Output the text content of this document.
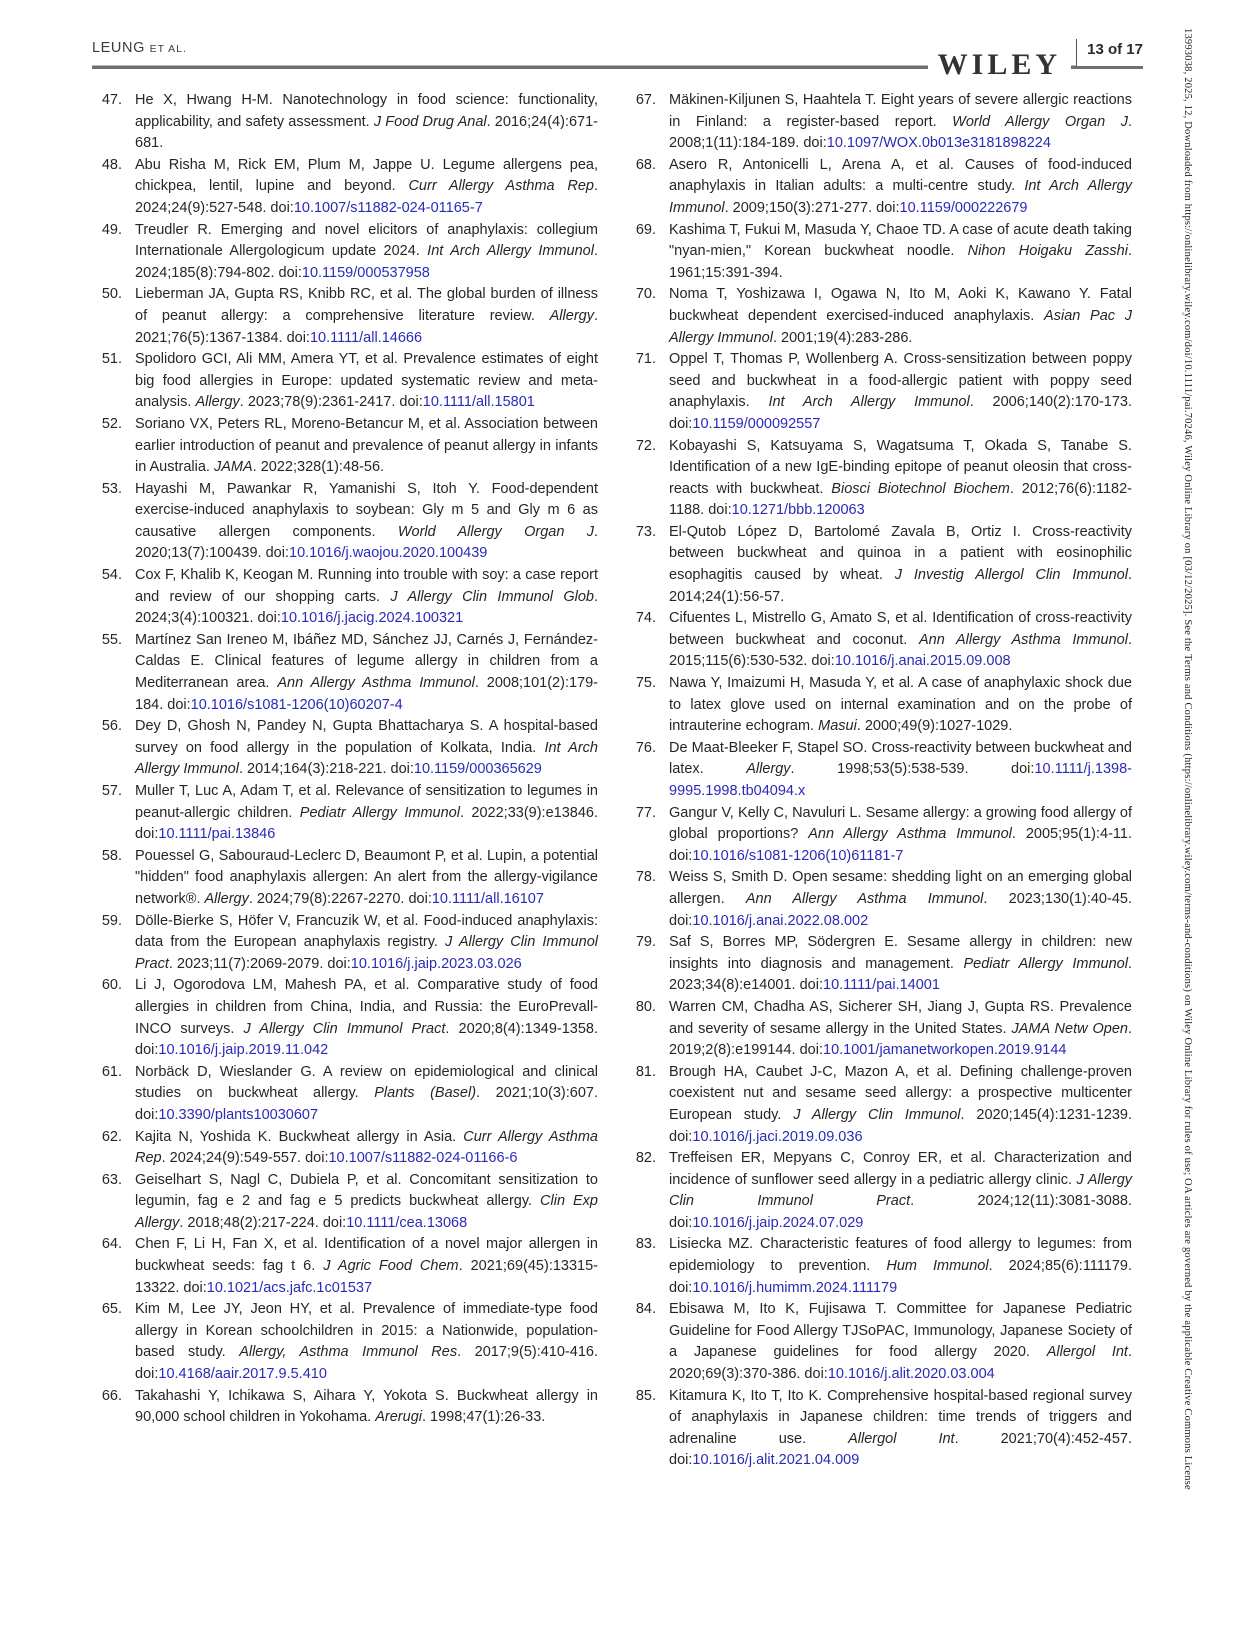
LEUNG ET AL.	WILEY	13 of 17
47. He X, Hwang H-M. Nanotechnology in food science: functionality, applicability, and safety assessment. J Food Drug Anal. 2016;24(4):671-681.

48. Abu Risha M, Rick EM, Plum M, Jappe U. Legume allergens pea, chickpea, lentil, lupine and beyond. Curr Allergy Asthma Rep. 2024;24(9):527-548. doi:10.1007/s11882-024-01165-7

49. Treudler R. Emerging and novel elicitors of anaphylaxis: collegium Internationale Allergologicum update 2024. Int Arch Allergy Immunol. 2024;185(8):794-802. doi:10.1159/000537958

50. Lieberman JA, Gupta RS, Knibb RC, et al. The global burden of illness of peanut allergy: a comprehensive literature review. Allergy. 2021;76(5):1367-1384. doi:10.1111/all.14666

51. Spolidoro GCI, Ali MM, Amera YT, et al. Prevalence estimates of eight big food allergies in Europe: updated systematic review and meta-analysis. Allergy. 2023;78(9):2361-2417. doi:10.1111/all.15801

52. Soriano VX, Peters RL, Moreno-Betancur M, et al. Association between earlier introduction of peanut and prevalence of peanut allergy in infants in Australia. JAMA. 2022;328(1):48-56.

53. Hayashi M, Pawankar R, Yamanishi S, Itoh Y. Food-dependent exercise-induced anaphylaxis to soybean: Gly m 5 and Gly m 6 as causative allergen components. World Allergy Organ J. 2020;13(7):100439. doi:10.1016/j.waojou.2020.100439

54. Cox F, Khalib K, Keogan M. Running into trouble with soy: a case report and review of our shopping carts. J Allergy Clin Immunol Glob. 2024;3(4):100321. doi:10.1016/j.jacig.2024.100321

55. Martínez San Ireneo M, Ibáñez MD, Sánchez JJ, Carnés J, Fernández-Caldas E. Clinical features of legume allergy in children from a Mediterranean area. Ann Allergy Asthma Immunol. 2008;101(2):179-184. doi:10.1016/s1081-1206(10)60207-4

56. Dey D, Ghosh N, Pandey N, Gupta Bhattacharya S. A hospital-based survey on food allergy in the population of Kolkata, India. Int Arch Allergy Immunol. 2014;164(3):218-221. doi:10.1159/000365629

57. Muller T, Luc A, Adam T, et al. Relevance of sensitization to legumes in peanut-allergic children. Pediatr Allergy Immunol. 2022;33(9):e13846. doi:10.1111/pai.13846

58. Pouessel G, Sabouraud-Leclerc D, Beaumont P, et al. Lupin, a potential "hidden" food anaphylaxis allergen: An alert from the allergy-vigilance network®. Allergy. 2024;79(8):2267-2270. doi:10.1111/all.16107

59. Dölle-Bierke S, Höfer V, Francuzik W, et al. Food-induced anaphylaxis: data from the European anaphylaxis registry. J Allergy Clin Immunol Pract. 2023;11(7):2069-2079. doi:10.1016/j.jaip.2023.03.026

60. Li J, Ogorodova LM, Mahesh PA, et al. Comparative study of food allergies in children from China, India, and Russia: the EuroPrevall-INCO surveys. J Allergy Clin Immunol Pract. 2020;8(4):1349-1358. doi:10.1016/j.jaip.2019.11.042

61. Norbäck D, Wieslander G. A review on epidemiological and clinical studies on buckwheat allergy. Plants (Basel). 2021;10(3):607. doi:10.3390/plants10030607

62. Kajita N, Yoshida K. Buckwheat allergy in Asia. Curr Allergy Asthma Rep. 2024;24(9):549-557. doi:10.1007/s11882-024-01166-6

63. Geiselhart S, Nagl C, Dubiela P, et al. Concomitant sensitization to legumin, fag e 2 and fag e 5 predicts buckwheat allergy. Clin Exp Allergy. 2018;48(2):217-224. doi:10.1111/cea.13068

64. Chen F, Li H, Fan X, et al. Identification of a novel major allergen in buckwheat seeds: fag t 6. J Agric Food Chem. 2021;69(45):13315-13322. doi:10.1021/acs.jafc.1c01537

65. Kim M, Lee JY, Jeon HY, et al. Prevalence of immediate-type food allergy in Korean schoolchildren in 2015: a Nationwide, population-based study. Allergy, Asthma Immunol Res. 2017;9(5):410-416. doi:10.4168/aair.2017.9.5.410

66. Takahashi Y, Ichikawa S, Aihara Y, Yokota S. Buckwheat allergy in 90,000 school children in Yokohama. Arerugi. 1998;47(1):26-33.

67. Mäkinen-Kiljunen S, Haahtela T. Eight years of severe allergic reactions in Finland: a register-based report. World Allergy Organ J. 2008;1(11):184-189. doi:10.1097/WOX.0b013e3181898224

68. Asero R, Antonicelli L, Arena A, et al. Causes of food-induced anaphylaxis in Italian adults: a multi-centre study. Int Arch Allergy Immunol. 2009;150(3):271-277. doi:10.1159/000222679

69. Kashima T, Fukui M, Masuda Y, Chaoe TD. A case of acute death taking "nyan-mien," Korean buckwheat noodle. Nihon Hoigaku Zasshi. 1961;15:391-394.

70. Noma T, Yoshizawa I, Ogawa N, Ito M, Aoki K, Kawano Y. Fatal buckwheat dependent exercised-induced anaphylaxis. Asian Pac J Allergy Immunol. 2001;19(4):283-286.

71. Oppel T, Thomas P, Wollenberg A. Cross-sensitization between poppy seed and buckwheat in a food-allergic patient with poppy seed anaphylaxis. Int Arch Allergy Immunol. 2006;140(2):170-173. doi:10.1159/000092557

72. Kobayashi S, Katsuyama S, Wagatsuma T, Okada S, Tanabe S. Identification of a new IgE-binding epitope of peanut oleosin that cross-reacts with buckwheat. Biosci Biotechnol Biochem. 2012;76(6):1182-1188. doi:10.1271/bbb.120063

73. El-Qutob López D, Bartolomé Zavala B, Ortiz I. Cross-reactivity between buckwheat and quinoa in a patient with eosinophilic esophagitis caused by wheat. J Investig Allergol Clin Immunol. 2014;24(1):56-57.

74. Cifuentes L, Mistrello G, Amato S, et al. Identification of cross-reactivity between buckwheat and coconut. Ann Allergy Asthma Immunol. 2015;115(6):530-532. doi:10.1016/j.anai.2015.09.008

75. Nawa Y, Imaizumi H, Masuda Y, et al. A case of anaphylaxic shock due to latex glove used on internal examination and on the probe of intrauterine echogram. Masui. 2000;49(9):1027-1029.

76. De Maat-Bleeker F, Stapel SO. Cross-reactivity between buckwheat and latex. Allergy. 1998;53(5):538-539. doi:10.1111/j.1398-9995.1998.tb04094.x

77. Gangur V, Kelly C, Navuluri L. Sesame allergy: a growing food allergy of global proportions? Ann Allergy Asthma Immunol. 2005;95(1):4-11. doi:10.1016/s1081-1206(10)61181-7

78. Weiss S, Smith D. Open sesame: shedding light on an emerging global allergen. Ann Allergy Asthma Immunol. 2023;130(1):40-45. doi:10.1016/j.anai.2022.08.002

79. Saf S, Borres MP, Södergren E. Sesame allergy in children: new insights into diagnosis and management. Pediatr Allergy Immunol. 2023;34(8):e14001. doi:10.1111/pai.14001

80. Warren CM, Chadha AS, Sicherer SH, Jiang J, Gupta RS. Prevalence and severity of sesame allergy in the United States. JAMA Netw Open. 2019;2(8):e199144. doi:10.1001/jamanetworkopen.2019.9144

81. Brough HA, Caubet J-C, Mazon A, et al. Defining challenge-proven coexistent nut and sesame seed allergy: a prospective multicenter European study. J Allergy Clin Immunol. 2020;145(4):1231-1239. doi:10.1016/j.jaci.2019.09.036

82. Treffeisen ER, Mepyans C, Conroy ER, et al. Characterization and incidence of sunflower seed allergy in a pediatric allergy clinic. J Allergy Clin Immunol Pract. 2024;12(11):3081-3088. doi:10.1016/j.jaip.2024.07.029

83. Lisiecka MZ. Characteristic features of food allergy to legumes: from epidemiology to prevention. Hum Immunol. 2024;85(6):111179. doi:10.1016/j.humimm.2024.111179

84. Ebisawa M, Ito K, Fujisawa T. Committee for Japanese Pediatric Guideline for Food Allergy TJSoPAC, Immunology, Japanese Society of a Japanese guidelines for food allergy 2020. Allergol Int. 2020;69(3):370-386. doi:10.1016/j.alit.2020.03.004

85. Kitamura K, Ito T, Ito K. Comprehensive hospital-based regional survey of anaphylaxis in Japanese children: time trends of triggers and adrenaline use. Allergol Int. 2021;70(4):452-457. doi:10.1016/j.alit.2021.04.009	13993038, 2025, 12, Downloaded from https://onlinelibrary.wiley.com/doi/10.1111/pai.70246, Wiley Online Library on [03/12/2025]. See the Terms and Conditions (https://onlinelibrary.wiley.com/terms-and-conditions) on Wiley Online Library for rules of use; OA articles are governed by the applicable Creative Commons License
